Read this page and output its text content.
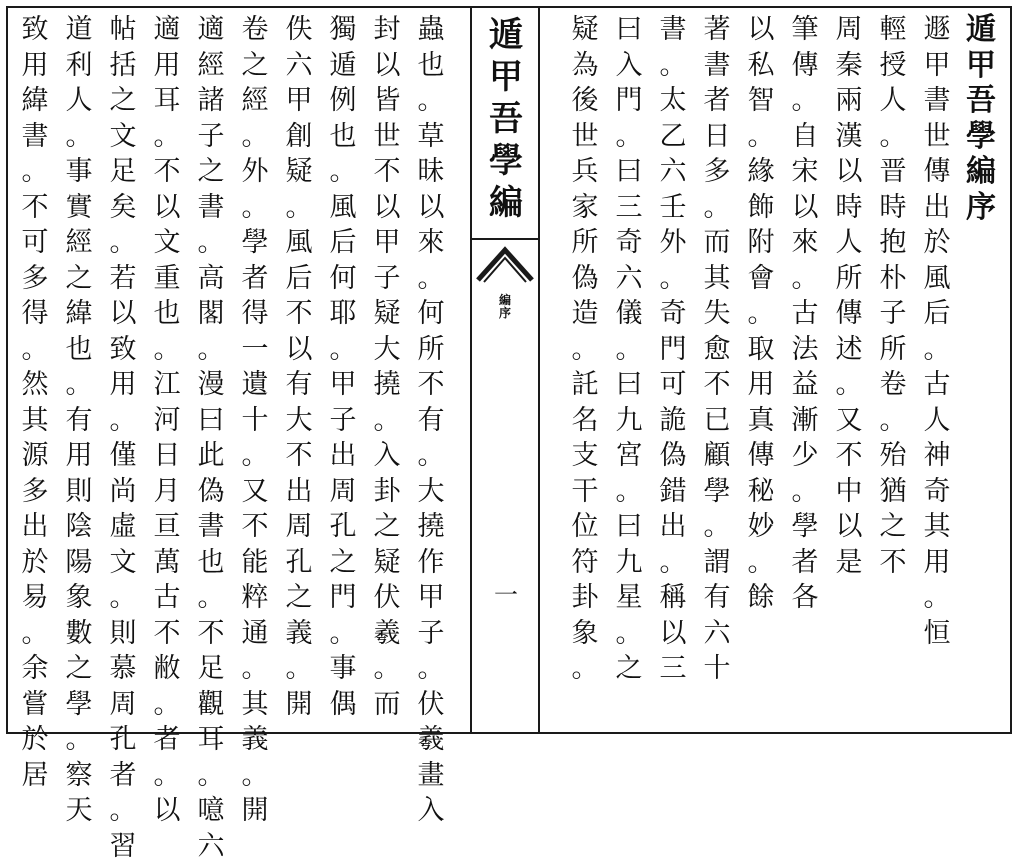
蟲
也
。
草
昧
以
來
。
何
所
不
有
。
大
撓
作
甲
子
。
伏
羲
畫
入
封
以
皆
世
不
以
甲
子
疑
大
撓
。
入
卦
之
疑
伏
羲
。
而
獨
遁
例
也
。
風
后
何
耶
。
甲
子
出
周
孔
之
門
。
事
偶
佚
六
甲
創
疑
。
風
后
不
以
有
大
不
出
周
孔
之
義
。
開
卷
之
經
。
外
。
學
者
得
一
遺
十
。
又
不
能
粹
通
。
其
義
。
開
適
經
諸
子
之
書
。
高
閣
。
漫
曰
此
偽
書
也
。
不
足
觀
耳
。
噫
六
適
用
耳
。
不
以
文
重
也
。
江
河
日
月
亘
萬
古
不
敝
。
者
。
以
帖
括
之
文
足
矣
。
若
以
致
用
。
僅
尚
虛
文
。
則
慕
周
孔
者
。
習
道
利
人
。
事
實
經
之
緯
也
。
有
用
則
陰
陽
象
數
之
學
。
察
天
致
用
緯
書
。
不
可
多
得
。
然
其
源
多
出
於
易
。
余
嘗
於
居
遁
甲
吾
學
編
編
序
一
遁
甲
吾
學
編
序
遯
甲
書
世
傳
出
於
風
后
。
古
人
神
奇
其
用
。
恒
輕
授
人
。
晋
時
抱
朴
子
所
卷
。
殆
猶
之
不
周
秦
兩
漢
以
時
人
所
傳
述
。
又
不
中
以
是
筆
傳
。
自
宋
以
來
。
古
法
益
漸
少
。
學
者
各
以
私
智
。
緣
飾
附
會
。
取
用
真
傳
秘
妙
。
餘
著
書
者
日
多
。
而
其
失
愈
不
已
顧
學
。
謂
有
六
十
書
。
太
乙
六
壬
外
。
奇
門
可
詭
偽
錯
出
。
稱
以
三
曰
入
門
。
曰
三
奇
六
儀
。
曰
九
宮
。
曰
九
星
。
之
疑
為
後
世
兵
家
所
偽
造
。
託
名
支
干
位
符
卦
象
。
